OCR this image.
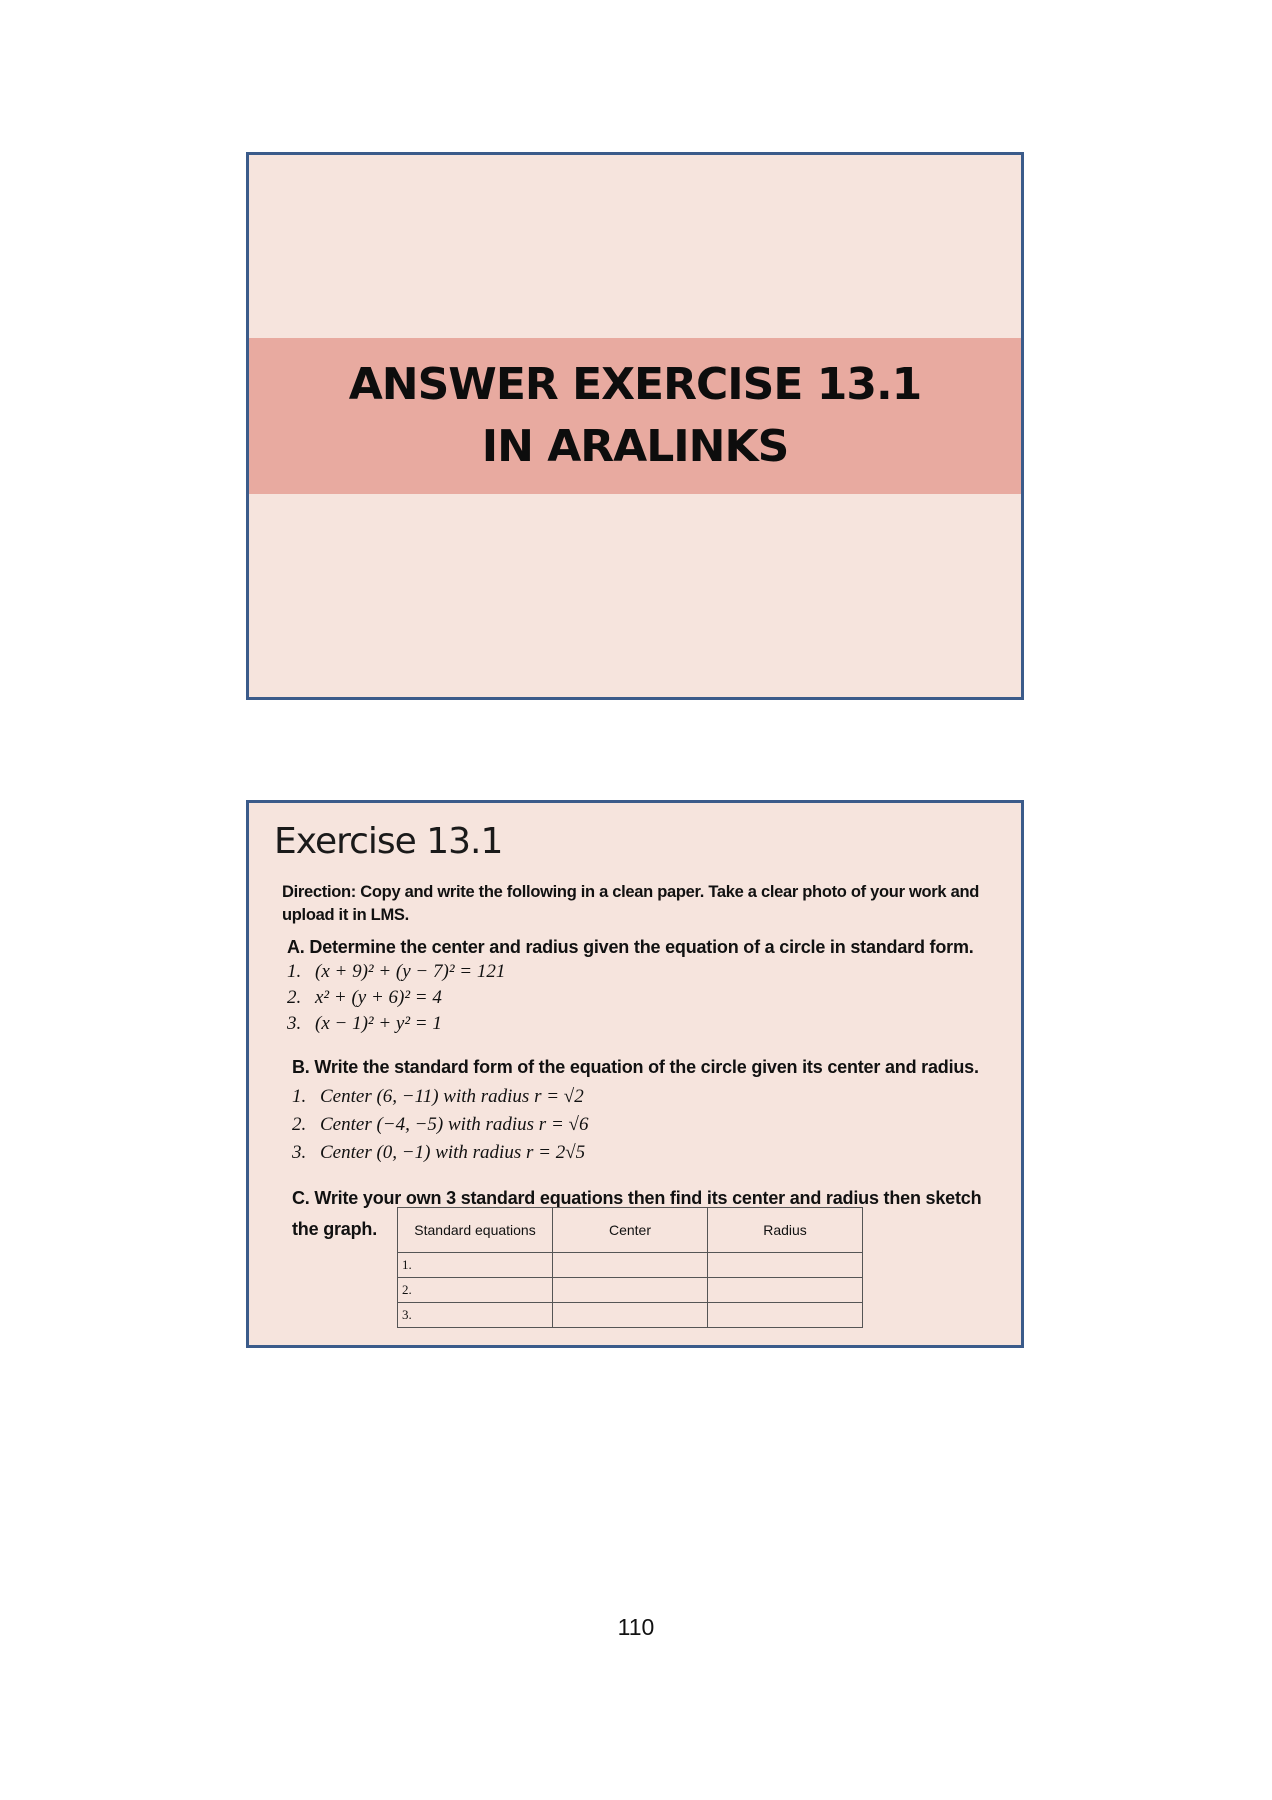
ANSWER EXERCISE 13.1
IN ARALINKS
Exercise 13.1
Direction: Copy and write the following in a clean paper. Take a clear photo of your work and upload it in LMS.
A. Determine the center and radius given the equation of a circle in standard form.
1. (x + 9)² + (y − 7)² = 121
2. x² + (y + 6)² = 4
3. (x − 1)² + y² = 1
B. Write the standard form of the equation of the circle given its center and radius.
1. Center (6, −11) with radius r = √2
2. Center (−4, −5) with radius r = √6
3. Center (0, −1) with radius r = 2√5
C. Write your own 3 standard equations then find its center and radius then sketch the graph.	Standard equations	Center	Radius
1.		
2.		
3.		
110
